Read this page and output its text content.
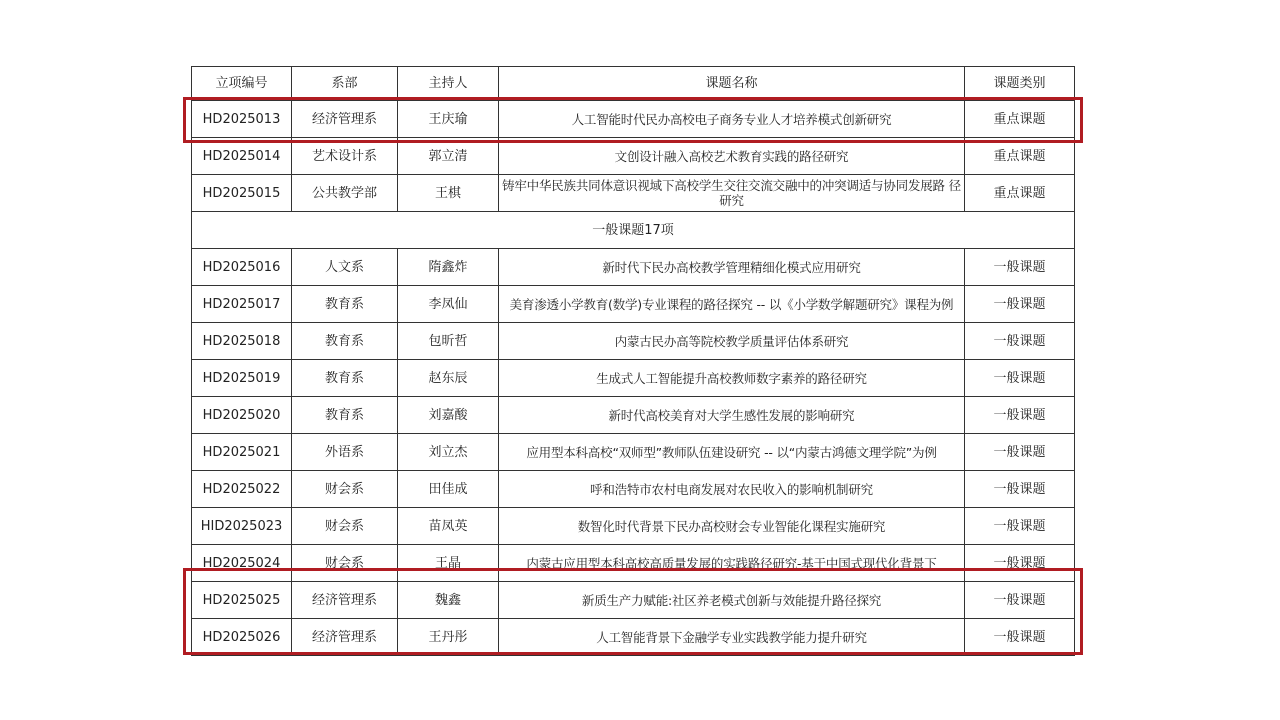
立项编号	系部	主持人	课题名称	课题类别
HD2025013	经济管理系	王庆瑜	人工智能时代民办高校电子商务专业人才培养模式创新研究	重点课题
HD2025014	艺术设计系	郭立清	文创设计融入高校艺术教育实践的路径研究	重点课题
HD2025015	公共教学部	王棋	铸牢中华民族共同体意识视域下高校学生交往交流交融中的冲突调适与协同发展路 径研究	重点课题
一般课题17项				
HD2025016	人文系	隋鑫炸	新时代下民办高校教学管理精细化模式应用研究	一般课题
HD2025017	教育系	李凤仙	美育渗透小学教育(数学)专业课程的路径探究 -- 以《小学数学解题研究》课程为例	一般课题
HD2025018	教育系	包昕哲	内蒙古民办高等院校教学质量评估体系研究	一般课题
HD2025019	教育系	赵东辰	生成式人工智能提升高校教师数字素养的路径研究	一般课题
HD2025020	教育系	刘嘉酸	新时代高校美育对大学生感性发展的影响研究	一般课题
HD2025021	外语系	刘立杰	应用型本科高校“双师型”教师队伍建设研究 -- 以“内蒙古鸿德文理学院”为例	一般课题
HD2025022	财会系	田佳成	呼和浩特市农村电商发展对农民收入的影响机制研究	一般课题
HID2025023	财会系	苗凤英	数智化时代背景下民办高校财会专业智能化课程实施研究	一般课题
HD2025024	财会系	王晶	内蒙古应用型本科高校高质量发展的实践路径研究-基于中国式现代化背景下	一般课题
HD2025025	经济管理系	魏鑫	新质生产力赋能:社区养老模式创新与效能提升路径探究	一般课题
HD2025026	经济管理系	王丹彤	人工智能背景下金融学专业实践教学能力提升研究	一般课题
